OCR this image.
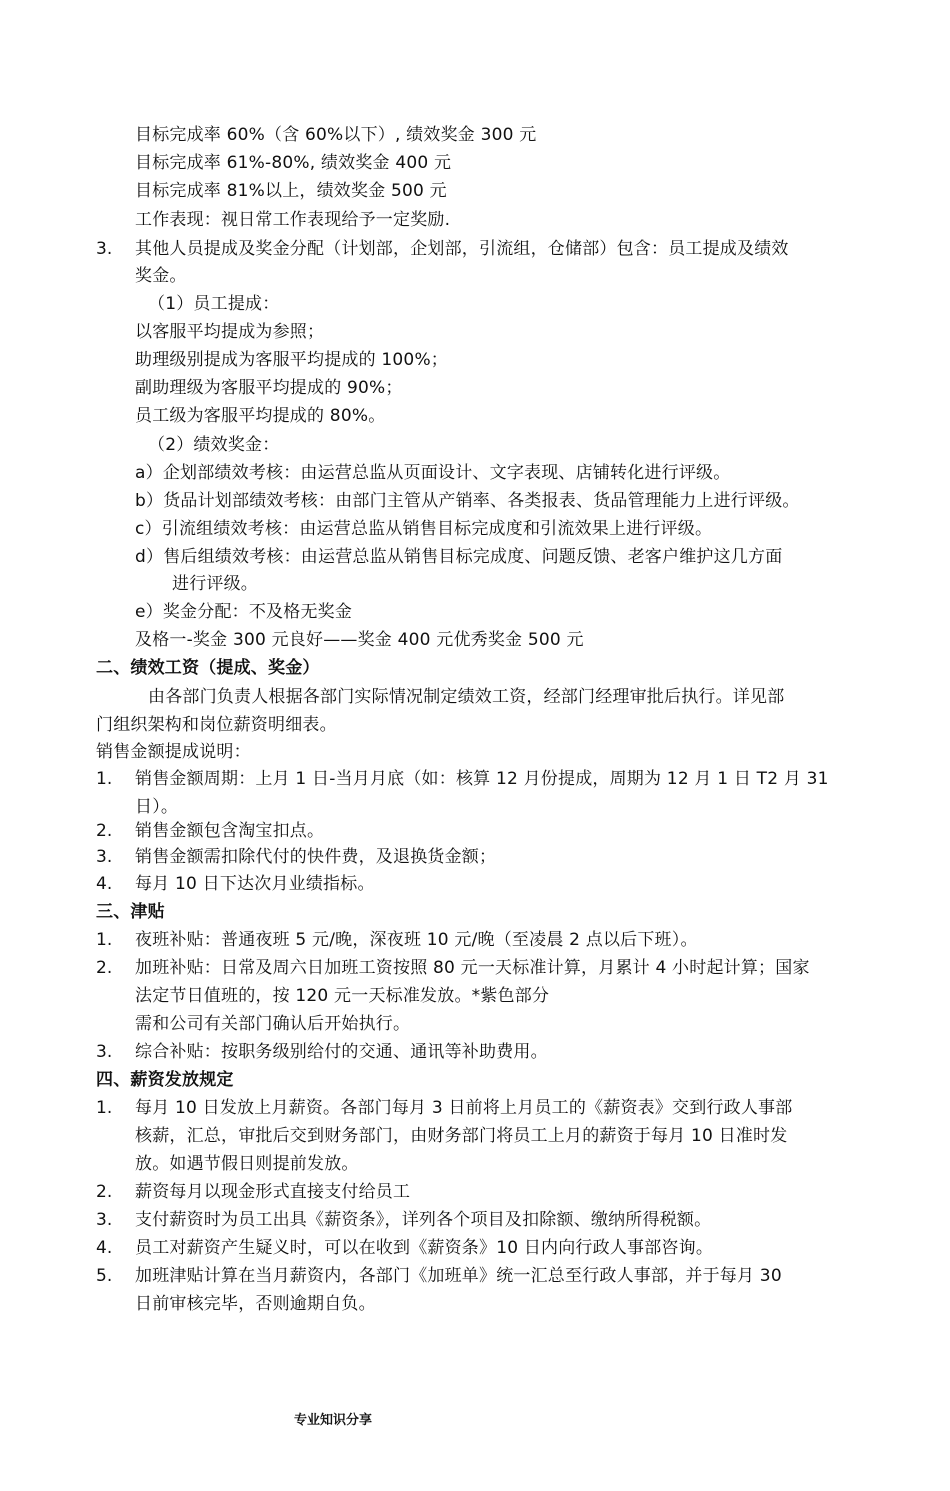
目标完成率 60%（含 60%以下）, 绩效奖金 300 元
目标完成率 61%-80%, 绩效奖金 400 元
目标完成率 81%以上，绩效奖金 500 元
工作表现：视日常工作表现给予一定奖励.
3. 其他人员提成及奖金分配（计划部，企划部，引流组，仓储部）包含：员工提成及绩效
奖金。
（1）员工提成：
以客服平均提成为参照；
助理级别提成为客服平均提成的 100%；
副助理级为客服平均提成的 90%；
员工级为客服平均提成的 80%。
（2）绩效奖金：
a）企划部绩效考核：由运营总监从页面设计、文字表现、店铺转化进行评级。
b）货品计划部绩效考核：由部门主管从产销率、各类报表、货品管理能力上进行评级。
c）引流组绩效考核：由运营总监从销售目标完成度和引流效果上进行评级。
d）售后组绩效考核：由运营总监从销售目标完成度、问题反馈、老客户维护这几方面
进行评级。
e）奖金分配：不及格无奖金
及格一-奖金 300 元良好——奖金 400 元优秀奖金 500 元
二、绩效工资（提成、奖金）
由各部门负责人根据各部门实际情况制定绩效工资，经部门经理审批后执行。详见部
门组织架构和岗位薪资明细表。
销售金额提成说明：
1. 销售金额周期：上月 1 日-当月月底（如：核算 12 月份提成，周期为 12 月 1 日 T2 月 31
日）。
2. 销售金额包含淘宝扣点。
3. 销售金额需扣除代付的快件费，及退换货金额；
4. 每月 10 日下达次月业绩指标。
三、津贴
1. 夜班补贴：普通夜班 5 元/晚，深夜班 10 元/晚（至凌晨 2 点以后下班）。
2. 加班补贴：日常及周六日加班工资按照 80 元一天标准计算，月累计 4 小时起计算；国家
法定节日值班的，按 120 元一天标准发放。*紫色部分
需和公司有关部门确认后开始执行。
3. 综合补贴：按职务级别给付的交通、通讯等补助费用。
四、薪资发放规定
1. 每月 10 日发放上月薪资。各部门每月 3 日前将上月员工的《薪资表》交到行政人事部
核薪，汇总，审批后交到财务部门，由财务部门将员工上月的薪资于每月 10 日准时发
放。如遇节假日则提前发放。
2. 薪资每月以现金形式直接支付给员工
3. 支付薪资时为员工出具《薪资条》，详列各个项目及扣除额、缴纳所得税额。
4. 员工对薪资产生疑义时，可以在收到《薪资条》10 日内向行政人事部咨询。
5. 加班津贴计算在当月薪资内，各部门《加班单》统一汇总至行政人事部，并于每月 30
日前审核完毕，否则逾期自负。
专业知识分享
